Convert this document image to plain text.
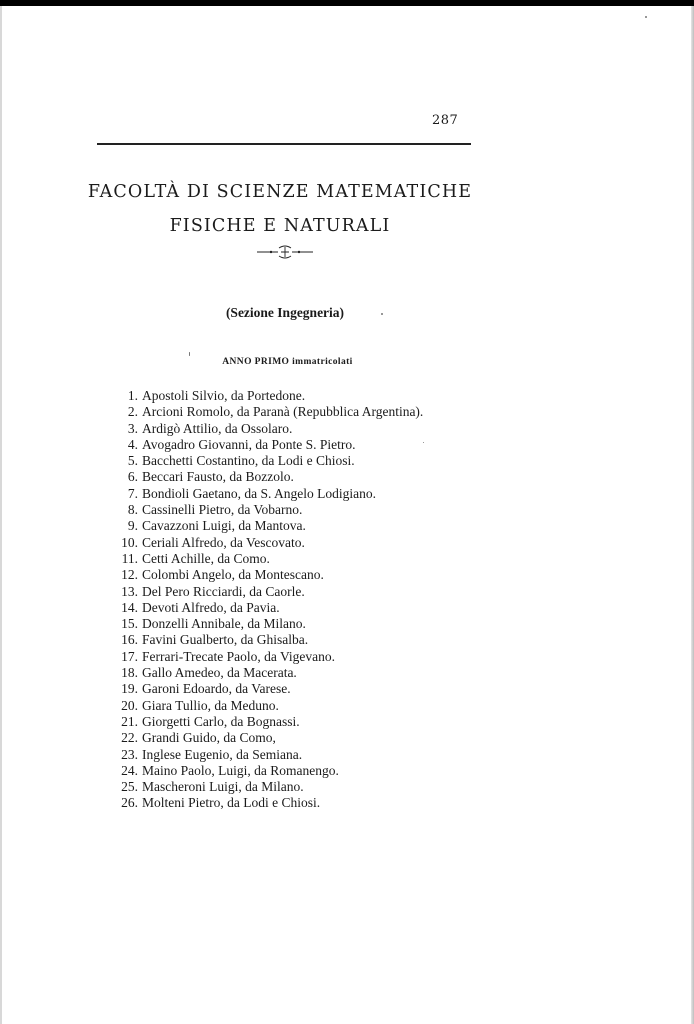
287
FACOLTÀ DI SCIENZE MATEMATICHE
FISICHE E NATURALI
(Sezione Ingegneria)
ANNO PRIMO immatricolati
1. Apostoli Silvio, da Portedone.
2. Arcioni Romolo, da Paranà (Repubblica Argentina).
3. Ardigò Attilio, da Ossolaro.
4. Avogadro Giovanni, da Ponte S. Pietro.
5. Bacchetti Costantino, da Lodi e Chiosi.
6. Beccari Fausto, da Bozzolo.
7. Bondioli Gaetano, da S. Angelo Lodigiano.
8. Cassinelli Pietro, da Vobarno.
9. Cavazzoni Luigi, da Mantova.
10. Ceriali Alfredo, da Vescovato.
11. Cetti Achille, da Como.
12. Colombi Angelo, da Montescano.
13. Del Pero Ricciardi, da Caorle.
14. Devoti Alfredo, da Pavia.
15. Donzelli Annibale, da Milano.
16. Favini Gualberto, da Ghisalba.
17. Ferrari-Trecate Paolo, da Vigevano.
18. Gallo Amedeo, da Macerata.
19. Garoni Edoardo, da Varese.
20. Giara Tullio, da Meduno.
21. Giorgetti Carlo, da Bognassi.
22. Grandi Guido, da Como,
23. Inglese Eugenio, da Semiana.
24. Maino Paolo, Luigi, da Romanengo.
25. Mascheroni Luigi, da Milano.
26. Molteni Pietro, da Lodi e Chiosi.
